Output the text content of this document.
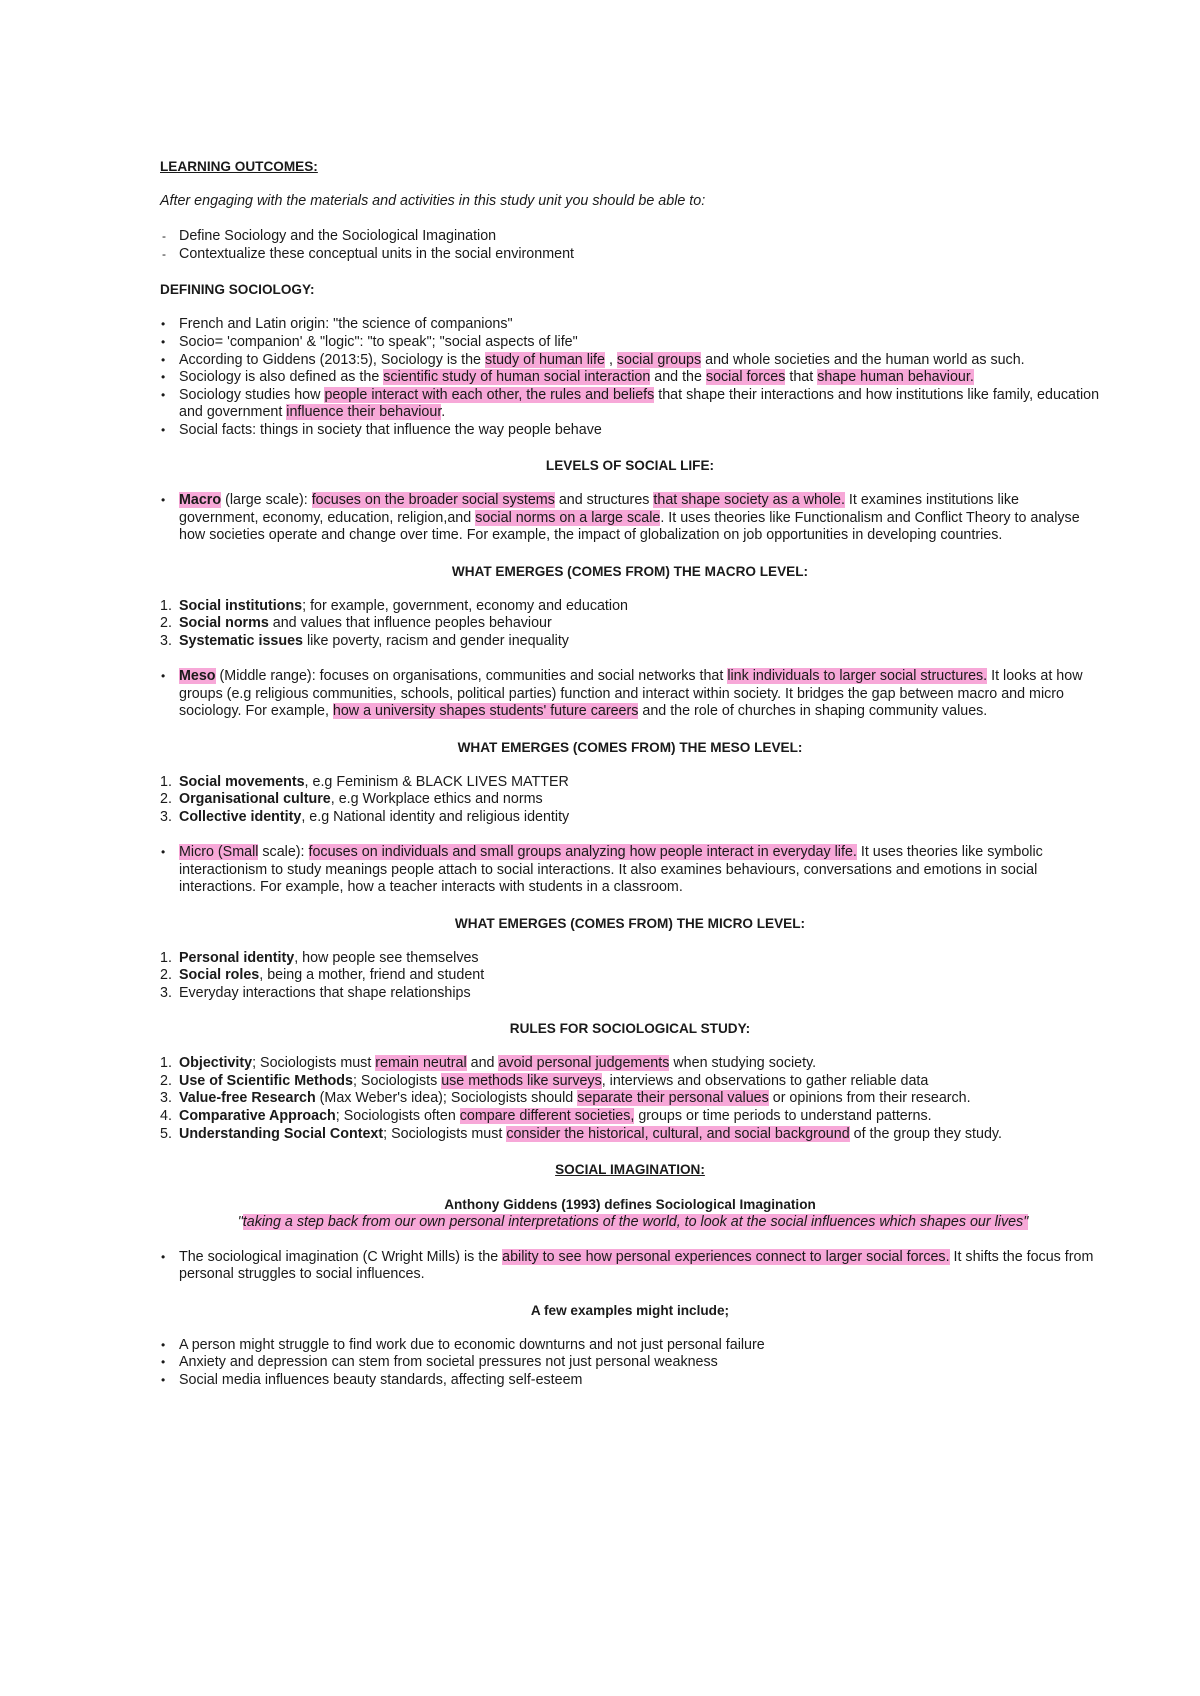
LEARNING OUTCOMES:

After engaging with the materials and activities in this study unit you should be able to:

- Define Sociology and the Sociological Imagination
- Contextualize these conceptual units in the social environment

DEFINING SOCIOLOGY:

• French and Latin origin: "the science of companions"
• Socio= 'companion' & "logic": "to speak"; "social aspects of life"
• According to Giddens (2013:5), Sociology is the study of human life , social groups and whole societies and the human world as such.
• Sociology is also defined as the scientific study of human social interaction and the social forces that shape human behaviour.
• Sociology studies how people interact with each other, the rules and beliefs that shape their interactions and how institutions like family, education and government influence their behaviour.
• Social facts: things in society that influence the way people behave

LEVELS OF SOCIAL LIFE:

• Macro (large scale): focuses on the broader social systems and structures that shape society as a whole. It examines institutions like government, economy, education, religion,and social norms on a large scale. It uses theories like Functionalism and Conflict Theory to analyse how societies operate and change over time. For example, the impact of globalization on job opportunities in developing countries.

WHAT EMERGES (COMES FROM) THE MACRO LEVEL:

1. Social institutions; for example, government, economy and education
2. Social norms and values that influence peoples behaviour
3. Systematic issues like poverty, racism and gender inequality
• Meso (Middle range): focuses on organisations, communities and social networks that link individuals to larger social structures. It looks at how groups (e.g religious communities, schools, political parties) function and interact within society. It bridges the gap between macro and micro sociology. For example, how a university shapes students' future careers and the role of churches in shaping community values.

WHAT EMERGES (COMES FROM) THE MESO LEVEL:

1. Social movements, e.g Feminism & BLACK LIVES MATTER
2. Organisational culture, e.g Workplace ethics and norms
3. Collective identity, e.g National identity and religious identity
• Micro (Small scale): focuses on individuals and small groups analyzing how people interact in everyday life. It uses theories like symbolic interactionism to study meanings people attach to social interactions. It also examines behaviours, conversations and emotions in social interactions. For example, how a teacher interacts with students in a classroom.

WHAT EMERGES (COMES FROM) THE MICRO LEVEL:

1. Personal identity, how people see themselves
2. Social roles, being a mother, friend and student
3. Everyday interactions that shape relationships

RULES FOR SOCIOLOGICAL STUDY:

1. Objectivity; Sociologists must remain neutral and avoid personal judgements when studying society.
2. Use of Scientific Methods; Sociologists use methods like surveys, interviews and observations to gather reliable data
3. Value-free Research (Max Weber's idea); Sociologists should separate their personal values or opinions from their research.
4. Comparative Approach; Sociologists often compare different societies, groups or time periods to understand patterns.
5. Understanding Social Context; Sociologists must consider the historical, cultural, and social background of the group they study.

SOCIAL IMAGINATION:

Anthony Giddens (1993) defines Sociological Imagination

"taking a step back from our own personal interpretations of the world, to look at the social influences which shapes our lives"
• The sociological imagination (C Wright Mills) is the ability to see how personal experiences connect to larger social forces. It shifts the focus from personal struggles to social influences.

A few examples might include;

• A person might struggle to find work due to economic downturns and not just personal failure
• Anxiety and depression can stem from societal pressures not just personal weakness
• Social media influences beauty standards, affecting self-esteem
